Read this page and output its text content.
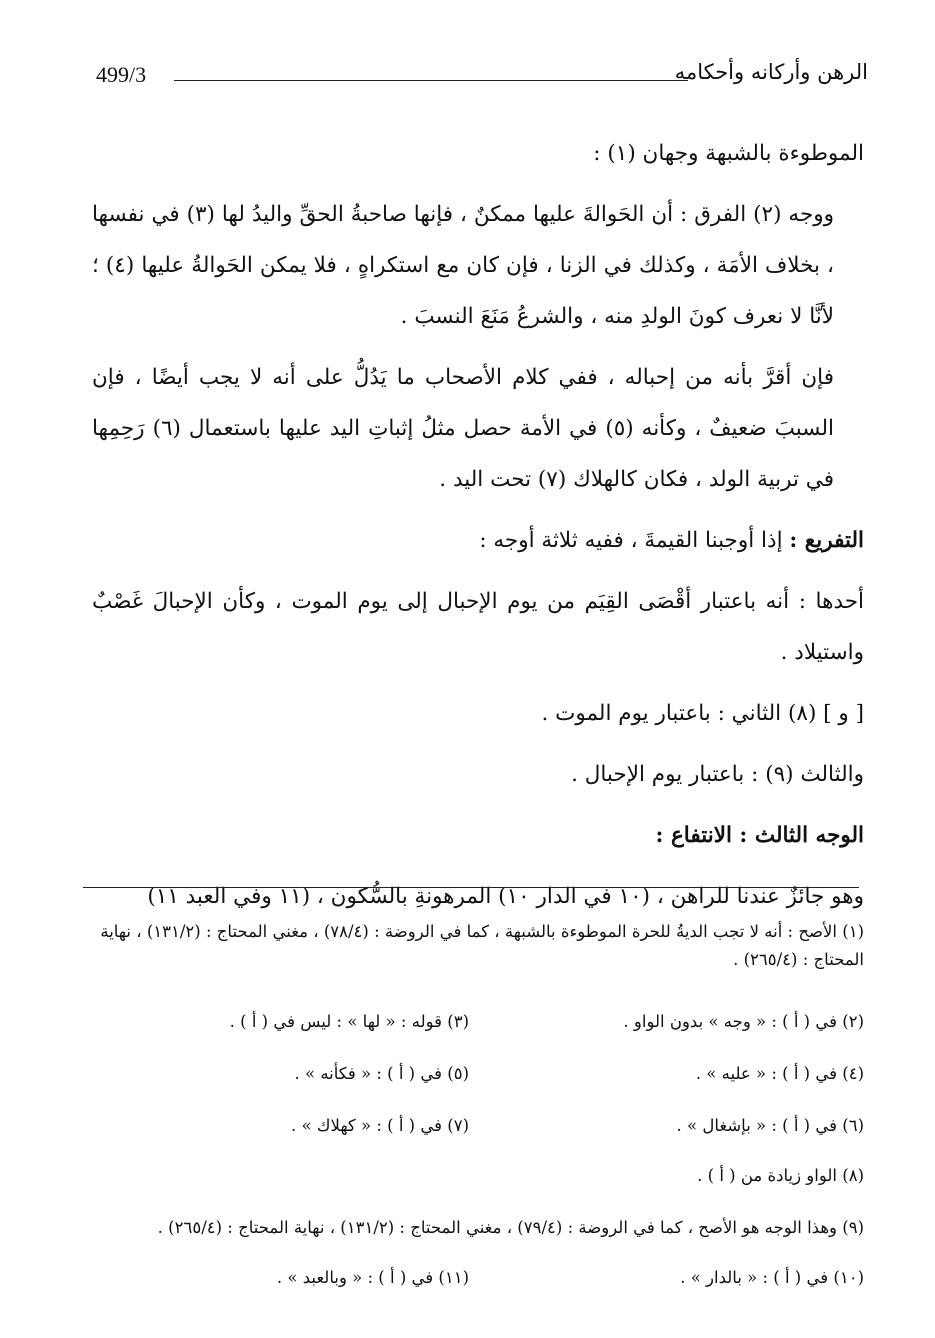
499/3	الرهن وأركانه وأحكامه

الموطوءة بالشبهة وجهان (١) :

ووجه (٢) الفرق : أن الحَوالةَ عليها ممكنٌ ، فإنها صاحبةُ الحقِّ واليدُ لها (٣) في نفسها ، بخلاف الأمَة ، وكذلك في الزنا ، فإن كان مع استكراهٍ ، فلا يمكن الحَوالةُ عليها (٤) ؛ لأنَّا لا نعرف كونَ الولدِ منه ، والشرعُ مَنَعَ النسبَ .

فإن أقرَّ بأنه من إحباله ، ففي كلام الأصحاب ما يَدُلُّ على أنه لا يجب أيضًا ، فإن السببَ ضعيفٌ ، وكأنه (٥) في الأمة حصل مثلُ إثباتِ اليد عليها باستعمال (٦) رَحِمِها في تربية الولد ، فكان كالهلاك (٧) تحت اليد .

التفريع : إذا أوجبنا القيمةَ ، ففيه ثلاثة أوجه :

أحدها : أنه باعتبار أقْصَى القِيَم من يوم الإحبال إلى يوم الموت ، وكأن الإحبالَ غَصْبٌ واستيلاد .

[ و ] (٨) الثاني : باعتبار يوم الموت .

والثالث (٩) : باعتبار يوم الإحبال .

الوجه الثالث : الانتفاع :

وهو جائزٌ عندنا للراهن ، (١٠ في الدار ١٠) المرهونةِ بالسُّكون ، (١١ وفي العبد ١١)

(١) الأصح : أنه لا تجب الديةُ للحرة الموطوءة بالشبهة ، كما في الروضة : (٧٨/٤) ، مغني المحتاج : (١٣١/٢) ، نهاية المحتاج : (٢٦٥/٤) .
(٢) في ( أ ) : « وجه » بدون الواو .
(٣) قوله : « لها » : ليس في ( أ ) .
(٤) في ( أ ) : « عليه » .
(٥) في ( أ ) : « فكأنه » .
(٦) في ( أ ) : « بإشغال » .
(٧) في ( أ ) : « كهلاك » .
(٨) الواو زيادة من ( أ ) .
(٩) وهذا الوجه هو الأصح ، كما في الروضة : (٧٩/٤) ، مغني المحتاج : (١٣١/٢) ، نهاية المحتاج : (٢٦٥/٤) .
(١٠) في ( أ ) : « بالدار » .
(١١) في ( أ ) : « وبالعبد » .
